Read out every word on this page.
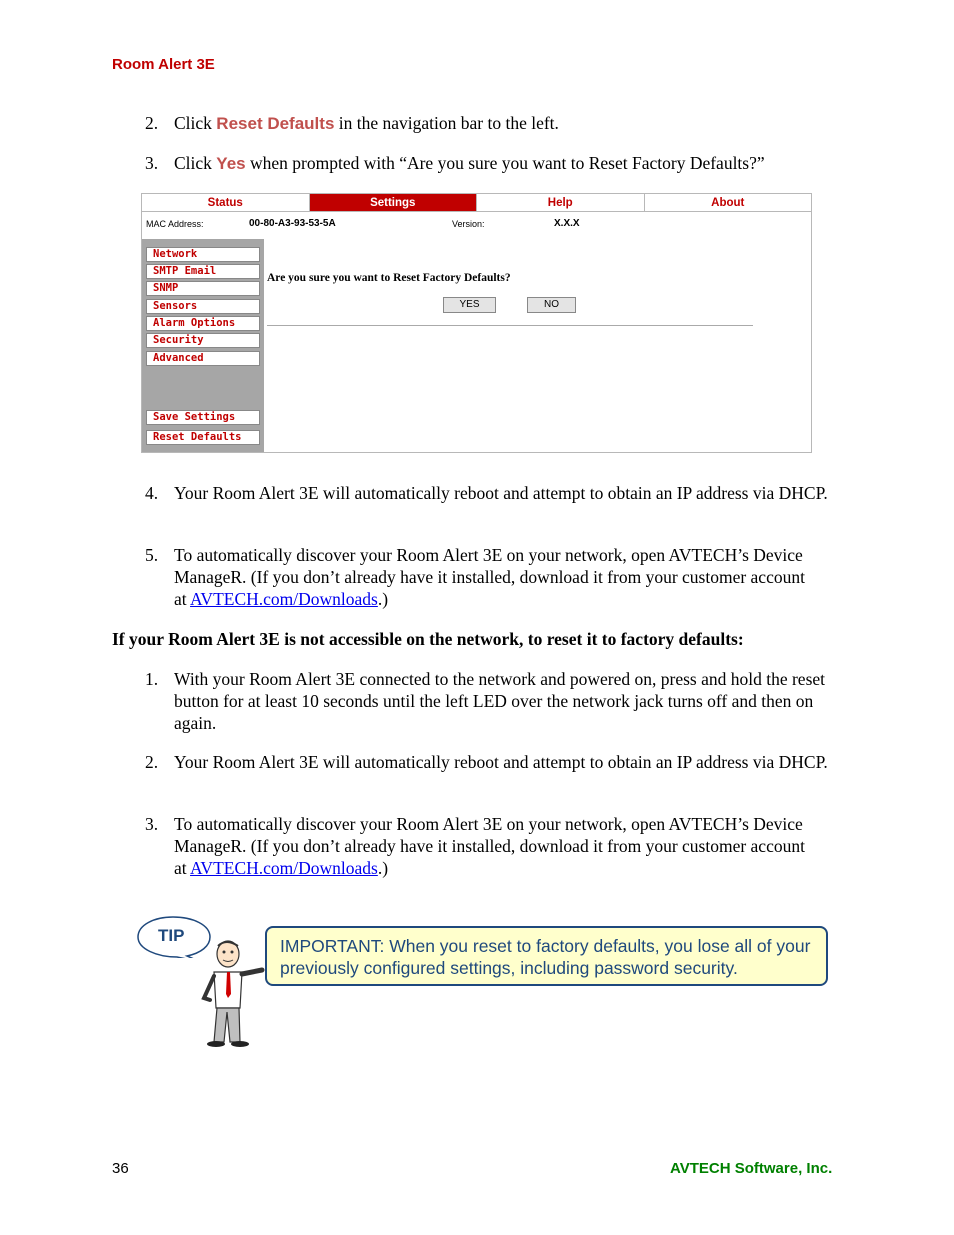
Room Alert 3E
2. Click Reset Defaults in the navigation bar to the left.
3. Click Yes when prompted with “Are you sure you want to Reset Factory Defaults?”
Status	Settings	Help	About
MAC Address:	00-80-A3-93-53-5A	Version:	X.X.X
Network
SMTP Email
SNMP
Sensors
Alarm Options
Security
Advanced
Save Settings
Reset Defaults
Are you sure you want to Reset Factory Defaults?
YES	NO
4. Your Room Alert 3E will automatically reboot and attempt to obtain an IP address via DHCP.
5. To automatically discover your Room Alert 3E on your network, open AVTECH’s Device ManageR. (If you don’t already have it installed, download it from your customer account at AVTECH.com/Downloads.)
If your Room Alert 3E is not accessible on the network, to reset it to factory defaults:
1. With your Room Alert 3E connected to the network and powered on, press and hold the reset button for at least 10 seconds until the left LED over the network jack turns off and then on again.
2. Your Room Alert 3E will automatically reboot and attempt to obtain an IP address via DHCP.
3. To automatically discover your Room Alert 3E on your network, open AVTECH’s Device ManageR. (If you don’t already have it installed, download it from your customer account at AVTECH.com/Downloads.)
TIP
IMPORTANT: When you reset to factory defaults, you lose all of your previously configured settings, including password security.
36	AVTECH Software, Inc.
